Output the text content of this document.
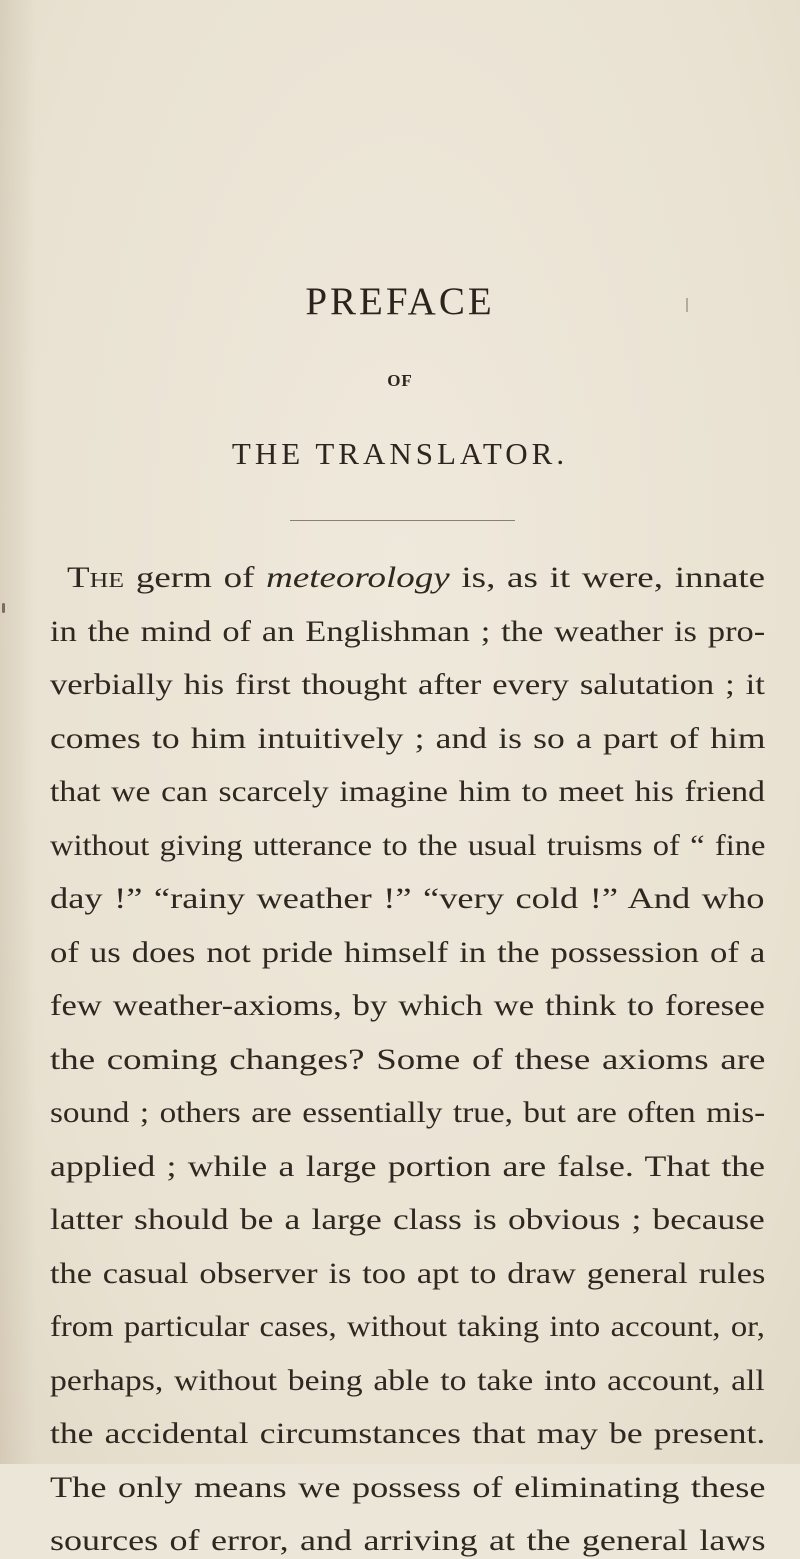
PREFACE
OF
THE TRANSLATOR.
The germ of meteorology is, as it were, innate
in the mind of an Englishman ; the weather is pro-
verbially his first thought after every salutation ; it
comes to him intuitively ; and is so a part of him
that we can scarcely imagine him to meet his friend
without giving utterance to the usual truisms of “ fine
day !” “rainy weather !” “very cold !” And who
of us does not pride himself in the possession of a
few weather-axioms, by which we think to foresee
the coming changes? Some of these axioms are
sound ; others are essentially true, but are often mis-
applied ; while a large portion are false. That the
latter should be a large class is obvious ; because
the casual observer is too apt to draw general rules
from particular cases, without taking into account, or,
perhaps, without being able to take into account, all
the accidental circumstances that may be present.
The only means we possess of eliminating these
sources of error, and arriving at the general laws
